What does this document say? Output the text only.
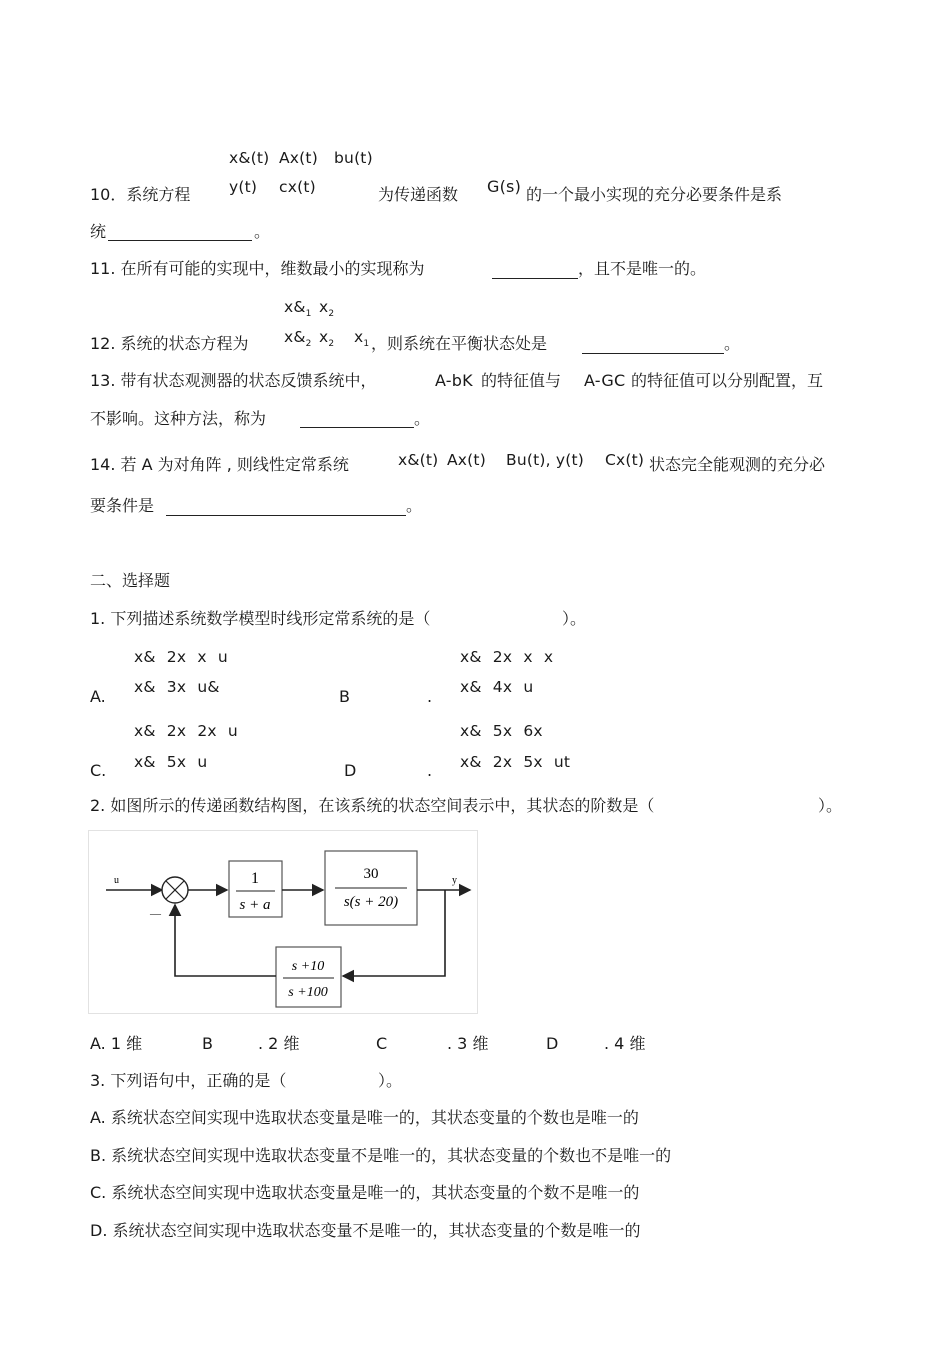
x&(t) Ax(t) bu(t)
y(t) cx(t)
10．系统方程	为传递函数 G(s) 的一个最小实现的充分必要条件是系
统	。
11. 在所有可能的实现中，维数最小的实现称为	，且不是唯一的。
$x\&_1$ $x_2$
$x\&_2$ $x_2$ $x_1$
12. 系统的状态方程为	，则系统在平衡状态处是	。
13. 带有状态观测器的状态反馈系统中，	A-bK 的特征值与 A-GC 的特征值可以分别配置，互
不影响。这种方法，称为	。
14. 若 A 为对角阵 , 则线性定常系统	x&(t) Ax(t) Bu(t), y(t) Cx(t) 状态完全能观测的充分必
要条件是	。
二、选择题
1. 下列描述系统数学模型时线形定常系统的是（	）。
x& 2x x u
x& 3x u&
A.	B	.
x& 2x x x
x& 4x u
x& 2x 2x u
x& 5x u
C.	D	.
x& 5x 6x
x& 2x 5x ut
2. 如图所示的传递函数结构图，在该系统的状态空间表示中，其状态的阶数是（	）。
u
—
1
s + a
30
s(s + 20)
y
s +10
s +100
A. 1 维	B	. 2 维	C	. 3 维	D	. 4 维
3. 下列语句中，正确的是（	）。
A. 系统状态空间实现中选取状态变量是唯一的，其状态变量的个数也是唯一的
B. 系统状态空间实现中选取状态变量不是唯一的，其状态变量的个数也不是唯一的
C. 系统状态空间实现中选取状态变量是唯一的，其状态变量的个数不是唯一的
D. 系统状态空间实现中选取状态变量不是唯一的，其状态变量的个数是唯一的
